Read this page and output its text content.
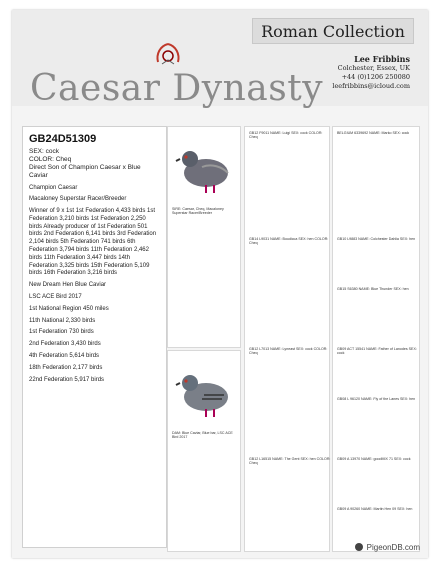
Roman Collection
Caesar Dynasty
Lee Fribbins
Colchester, Essex, UK
+44 (0)1206 250080
leefribbins@icloud.com
GB24D51309
SEX: cock
COLOR: Cheq
Direct Son of Champion Caesar x Blue Caviar
Champion Caesar
Macaloney Superstar Racer/Breeder
Winner of 9 x 1st 1st Federation 4,433 birds 1st Federation 3,210 birds 1st Federation 2,250 birds Already producer of 1st Federation 501 birds 2nd Federation 6,141 birds 3rd Federation 2,104 birds 5th Federation 741 birds 6th Federation 3,794 birds 11th Federation 2,462 birds 11th Federation 3,447 birds 14th Federation 3,325 birds 15th Federation 5,109 birds 16th Federation 3,216 birds
New Dream Hen Blue Caviar
LSC ACE Bird 2017
1st National Region 450 miles
11th National 2,330 birds
1st Federation 730 birds
2nd Federation 3,430 birds
4th Federation 5,614 birds
18th Federation 2,177 birds
22nd Federation 5,917 birds
SIRE: Caesar, Cheq, Macaloney Superstar Racer/Breeder
DAM: Blue Caviar, Blue bar, LSC ACE Bird 2017
GB12 F9011 NAME: Luigi SEX: cock COLOR: Cheq
GB14 L9031 NAME: Boudicca SEX: hen COLOR: Cheq
GB12 L7013 NAME: Lyneast SEX: cock COLOR: Cheq
GB12 L16515 NAME: The Gent SEX: hen COLOR: Cheq
BELGIUM 6339692 NAME: Marko SEX: cock
GB10 L9883 NAME: Colchester Dahlia SEX: hen
GB15 S6380 NAME: Blue Thunder SEX: hen
GB09 ACT 15541 NAME: Father of Lanodes SEX: cock
GB08 L 96120 NAME: Fly of the Lanes SEX: hen
GB09 A 13970 NAME: goodMIX 71 SEX: cock
GB09 A 90260 NAME: Martin Hen 09 SEX: hen
PigeonDB.com
